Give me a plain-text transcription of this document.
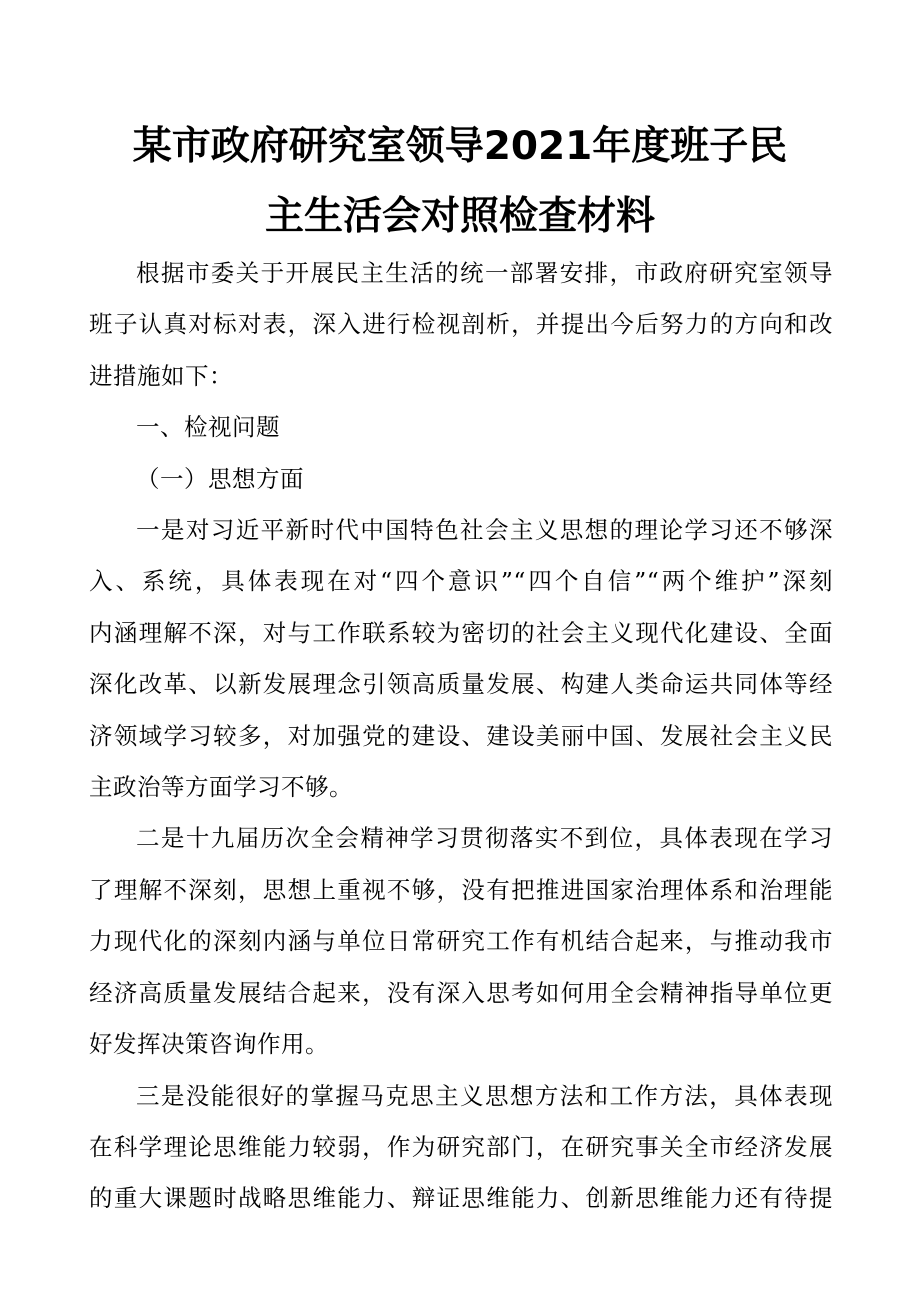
某市政府研究室领导2021年度班子民
主生活会对照检查材料

根据市委关于开展民主生活的统一部署安排，市政府研究室领导
班子认真对标对表，深入进行检视剖析，并提出今后努力的方向和改
进措施如下：

一、检视问题

（一）思想方面

一是对习近平新时代中国特色社会主义思想的理论学习还不够深
入、系统，具体表现在对“四个意识”“四个自信”“两个维护”深刻
内涵理解不深，对与工作联系较为密切的社会主义现代化建设、全面
深化改革、以新发展理念引领高质量发展、构建人类命运共同体等经
济领域学习较多，对加强党的建设、建设美丽中国、发展社会主义民
主政治等方面学习不够。

二是十九届历次全会精神学习贯彻落实不到位，具体表现在学习
了理解不深刻，思想上重视不够，没有把推进国家治理体系和治理能
力现代化的深刻内涵与单位日常研究工作有机结合起来，与推动我市
经济高质量发展结合起来，没有深入思考如何用全会精神指导单位更
好发挥决策咨询作用。

三是没能很好的掌握马克思主义思想方法和工作方法，具体表现
在科学理论思维能力较弱，作为研究部门，在研究事关全市经济发展
的重大课题时战略思维能力、辩证思维能力、创新思维能力还有待提
